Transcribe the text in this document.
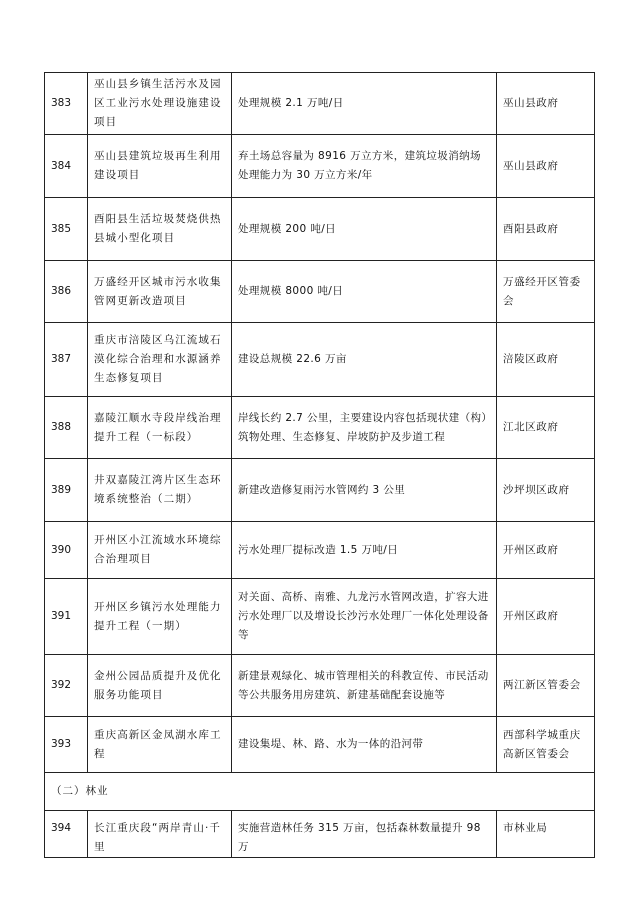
383	巫山县乡镇生活污水及园区工业污水处理设施建设项目	处理规模 2.1 万吨/日	巫山县政府
384	巫山县建筑垃圾再生利用建设项目	弃土场总容量为 8916 万立方米，建筑垃圾消纳场处理能力为 30 万立方米/年	巫山县政府
385	酉阳县生活垃圾焚烧供热县城小型化项目	处理规模 200 吨/日	酉阳县政府
386	万盛经开区城市污水收集管网更新改造项目	处理规模 8000 吨/日	万盛经开区管委会
387	重庆市涪陵区乌江流域石漠化综合治理和水源涵养生态修复项目	建设总规模 22.6 万亩	涪陵区政府
388	嘉陵江顺水寺段岸线治理提升工程（一标段）	岸线长约 2.7 公里，主要建设内容包括现状建（构）筑物处理、生态修复、岸坡防护及步道工程	江北区政府
389	井双嘉陵江湾片区生态环境系统整治（二期）	新建改造修复雨污水管网约 3 公里	沙坪坝区政府
390	开州区小江流域水环境综合治理项目	污水处理厂提标改造 1.5 万吨/日	开州区政府
391	开州区乡镇污水处理能力提升工程（一期）	对关面、高桥、南雅、九龙污水管网改造，扩容大进污水处理厂以及增设长沙污水处理厂一体化处理设备等	开州区政府
392	金州公园品质提升及优化服务功能项目	新建景观绿化、城市管理相关的科教宣传、市民活动等公共服务用房建筑、新建基础配套设施等	两江新区管委会
393	重庆高新区金凤湖水库工程	建设集堤、林、路、水为一体的沿河带	西部科学城重庆高新区管委会
（二）林业			
394	长江重庆段“两岸青山·千里	实施营造林任务 315 万亩，包括森林数量提升 98 万	市林业局
